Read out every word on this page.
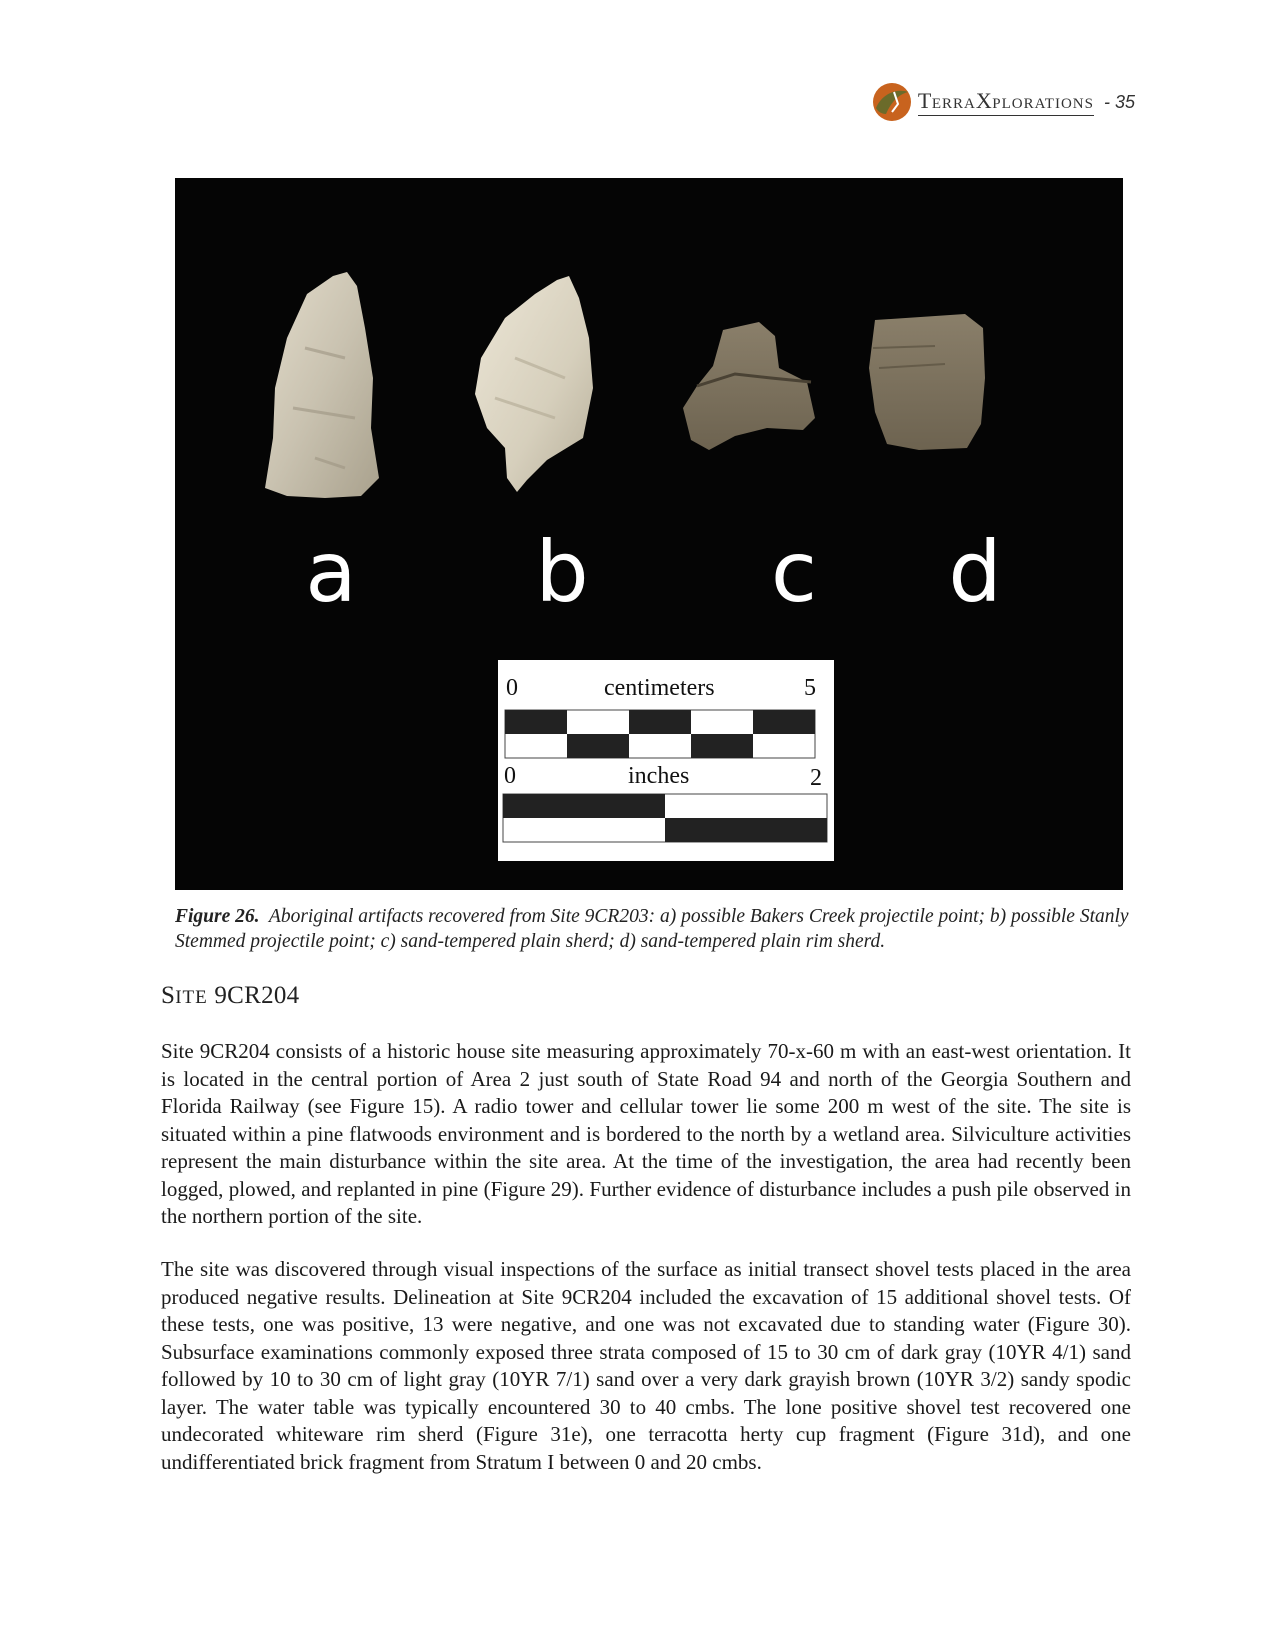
TERRAXPLORATIONS - 35
a b c d
0	centimeters	5
0	inches	2
Figure 26. Aboriginal artifacts recovered from Site 9CR203: a) possible Bakers Creek projectile point; b) possible Stanly Stemmed projectile point; c) sand-tempered plain sherd; d) sand-tempered plain rim sherd.
SITE 9CR204

Site 9CR204 consists of a historic house site measuring approximately 70-x-60 m with an east-west orientation. It is located in the central portion of Area 2 just south of State Road 94 and north of the Georgia Southern and Florida Railway (see Figure 15). A radio tower and cellular tower lie some 200 m west of the site. The site is situated within a pine flatwoods environment and is bordered to the north by a wetland area. Silviculture activities represent the main disturbance within the site area. At the time of the investigation, the area had recently been logged, plowed, and replanted in pine (Figure 29). Further evidence of disturbance includes a push pile observed in the northern portion of the site.

The site was discovered through visual inspections of the surface as initial transect shovel tests placed in the area produced negative results. Delineation at Site 9CR204 included the excavation of 15 additional shovel tests. Of these tests, one was positive, 13 were negative, and one was not excavated due to standing water (Figure 30). Subsurface examinations commonly exposed three strata composed of 15 to 30 cm of dark gray (10YR 4/1) sand followed by 10 to 30 cm of light gray (10YR 7/1) sand over a very dark grayish brown (10YR 3/2) sandy spodic layer. The water table was typically encountered 30 to 40 cmbs. The lone positive shovel test recovered one undecorated whiteware rim sherd (Figure 31e), one terracotta herty cup fragment (Figure 31d), and one undifferentiated brick fragment from Stratum I between 0 and 20 cmbs.
